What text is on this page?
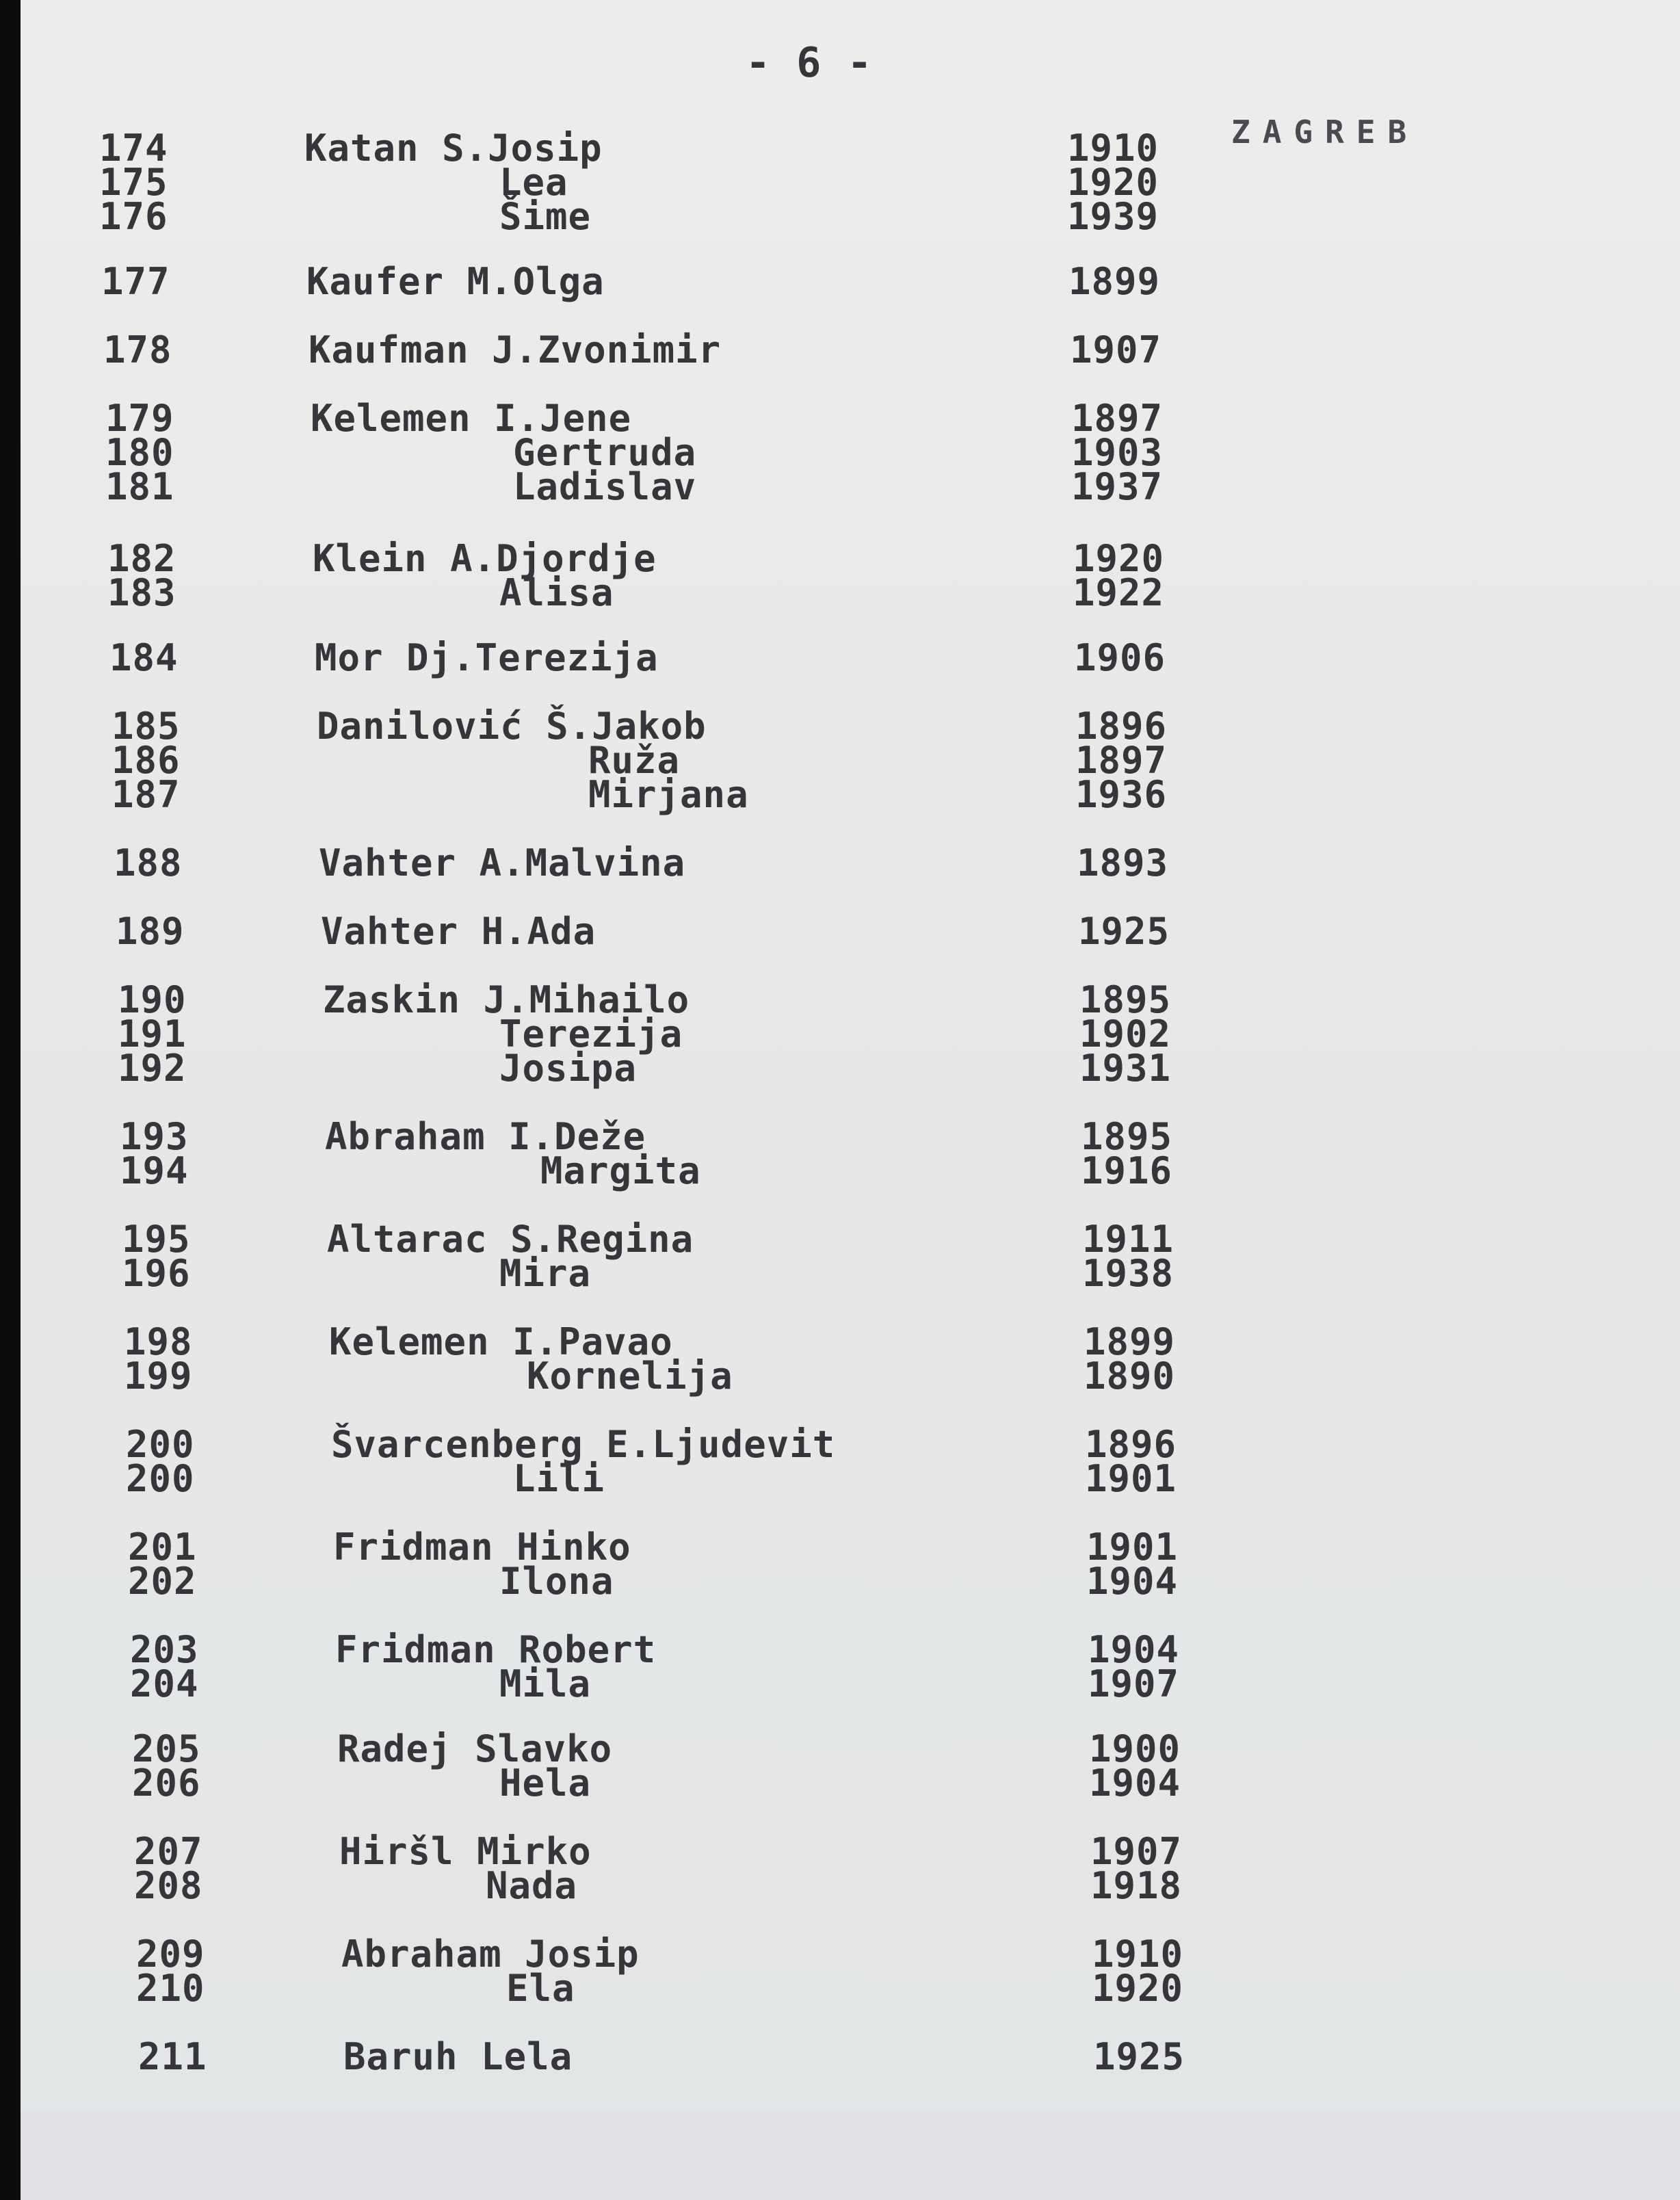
- 6 -
ZAGREB
174	Katan S.Josip	1910
175	Lea	1920
176	Šime	1939
177	Kaufer M.Olga	1899
178	Kaufman J.Zvonimir	1907
179	Kelemen I.Jene	1897
180	Gertruda	1903
181	Ladislav	1937
182	Klein A.Djordje	1920
183	Alisa	1922
184	Mor Dj.Terezija	1906
185	Danilović Š.Jakob	1896
186	Ruža	1897
187	Mirjana	1936
188	Vahter A.Malvina	1893
189	Vahter H.Ada	1925
190	Zaskin J.Mihailo	1895
191	Terezija	1902
192	Josipa	1931
193	Abraham I.Deže	1895
194	Margita	1916
195	Altarac S.Regina	1911
196	Mira	1938
198	Kelemen I.Pavao	1899
199	Kornelija	1890
200	Švarcenberg E.Ljudevit	1896
200	Lili	1901
201	Fridman Hinko	1901
202	Ilona	1904
203	Fridman Robert	1904
204	Mila	1907
205	Radej Slavko	1900
206	Hela	1904
207	Hiršl Mirko	1907
208	Nada	1918
209	Abraham Josip	1910
210	Ela	1920
211	Baruh Lela	1925
